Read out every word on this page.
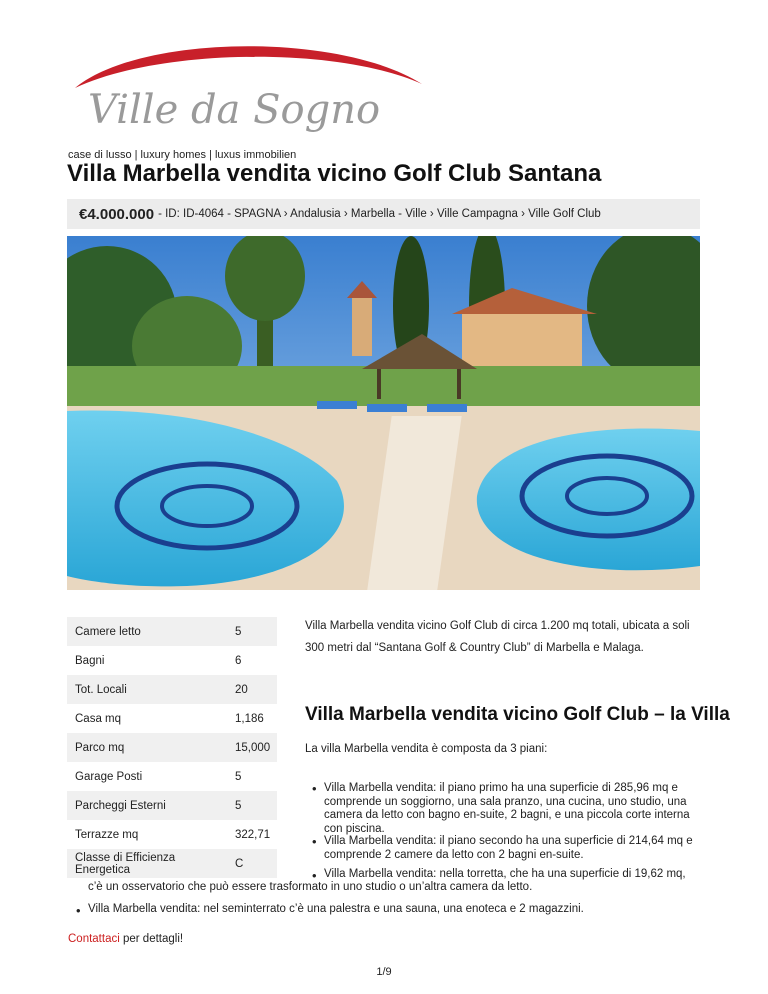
Ville da Sogno
case di lusso | luxury homes | luxus immobilien
Villa Marbella vendita vicino Golf Club Santana
€4.000.000 - ID: ID-4064 - SPAGNA › Andalusia › Marbella - Ville › Ville Campagna › Ville Golf Club
Camere letto	5
Bagni	6
Tot. Locali	20
Casa mq	1,186
Parco mq	15,000
Garage Posti	5
Parcheggi Esterni	5
Terrazze mq	322,71
Classe di Efficienza Energetica	C

Villa Marbella vendita vicino Golf Club di circa 1.200 mq totali, ubicata a soli 300 metri dal “Santana Golf & Country Club” di Marbella e Malaga.

Villa Marbella vendita vicino Golf Club – la Villa

La villa Marbella vendita è composta da 3 piani:

• Villa Marbella vendita: il piano primo ha una superficie di 285,96 mq e comprende un soggiorno, una sala pranzo, una cucina, uno studio, una camera da letto con bagno en-suite, 2 bagni, e una piccola corte interna con piscina.
• Villa Marbella vendita: il piano secondo ha una superficie di 214,64 mq e comprende 2 camere da letto con 2 bagni en-suite.
• Villa Marbella vendita: nella torretta, che ha una superficie di 19,62 mq,
c’è un osservatorio che può essere trasformato in uno studio o un’altra camera da letto.
• Villa Marbella vendita: nel seminterrato c’è una palestra e una sauna, una enoteca e 2 magazzini.
Contattaci per dettagli!
1/9
